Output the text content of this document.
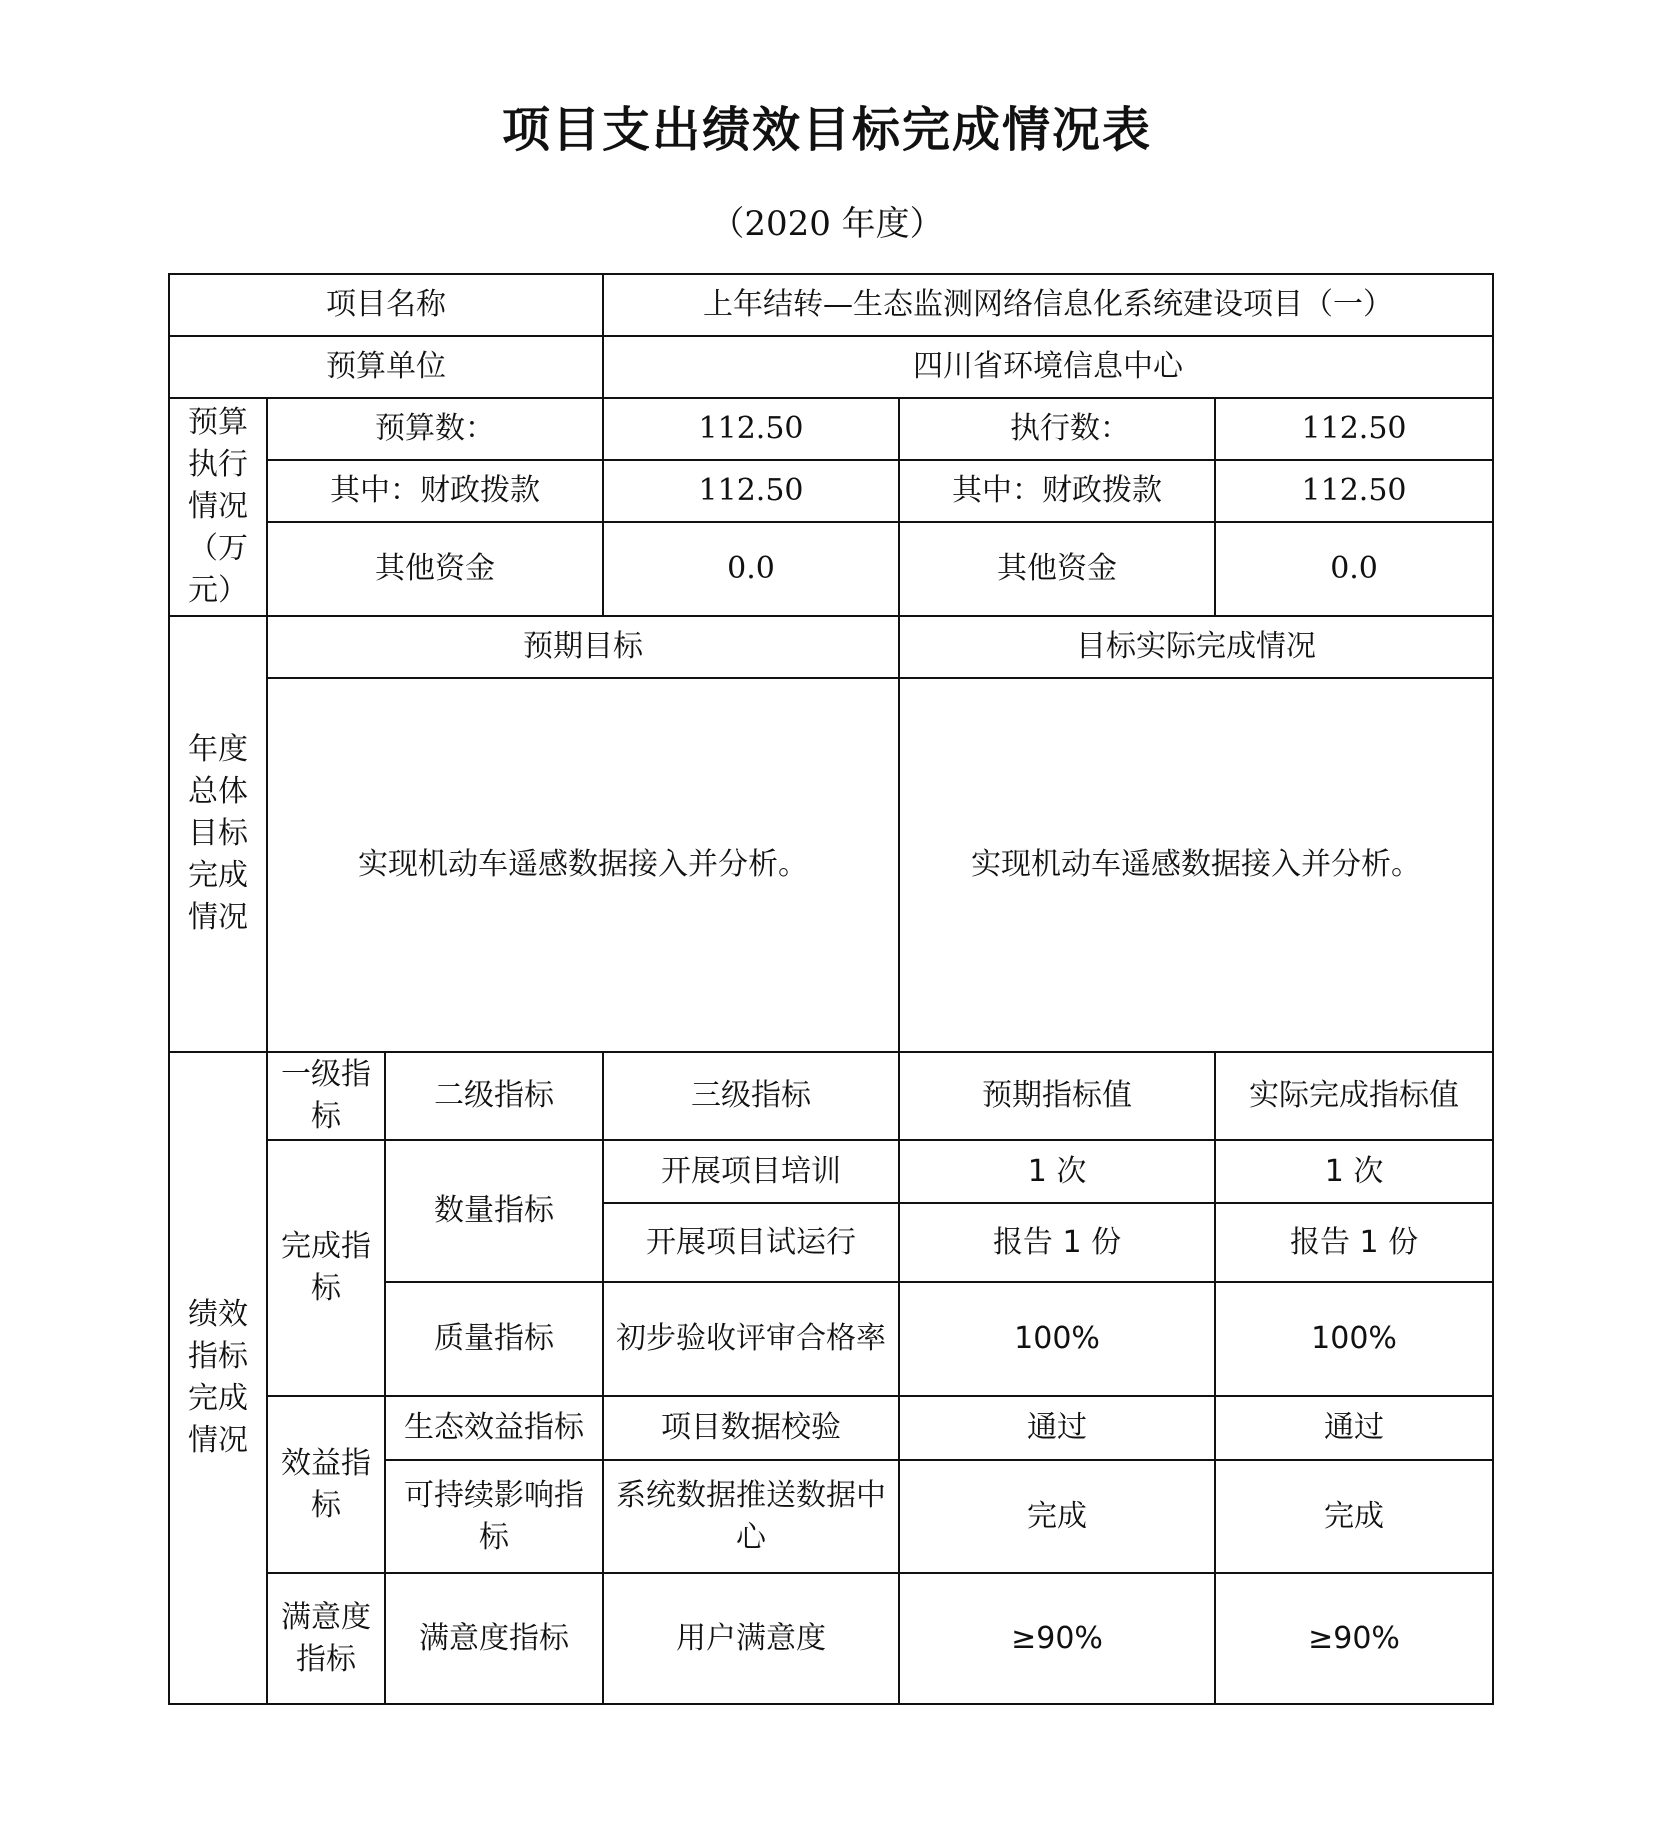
项目支出绩效目标完成情况表
（2020 年度）
项目名称			上年结转—生态监测网络信息化系统建设项目（一）		
预算单位			四川省环境信息中心		
预算执行情况（万元）	预算数：		112.50	执行数：	112.50
	其中：财政拨款		112.50	其中：财政拨款	112.50
	其他资金		0.0	其他资金	0.0
年度总体目标完成情况	预期目标			目标实际完成情况	
	实现机动车遥感数据接入并分析。			实现机动车遥感数据接入并分析。	
绩效指标完成情况	一级指标	二级指标	三级指标	预期指标值	实际完成指标值
	完成指标	数量指标	开展项目培训	1 次	1 次
			开展项目试运行	报告 1 份	报告 1 份
		质量指标	初步验收评审合格率	100%	100%
	效益指标	生态效益指标	项目数据校验	通过	通过
		可持续影响指标	系统数据推送数据中心	完成	完成
	满意度指标	满意度指标	用户满意度	≥90%	≥90%
